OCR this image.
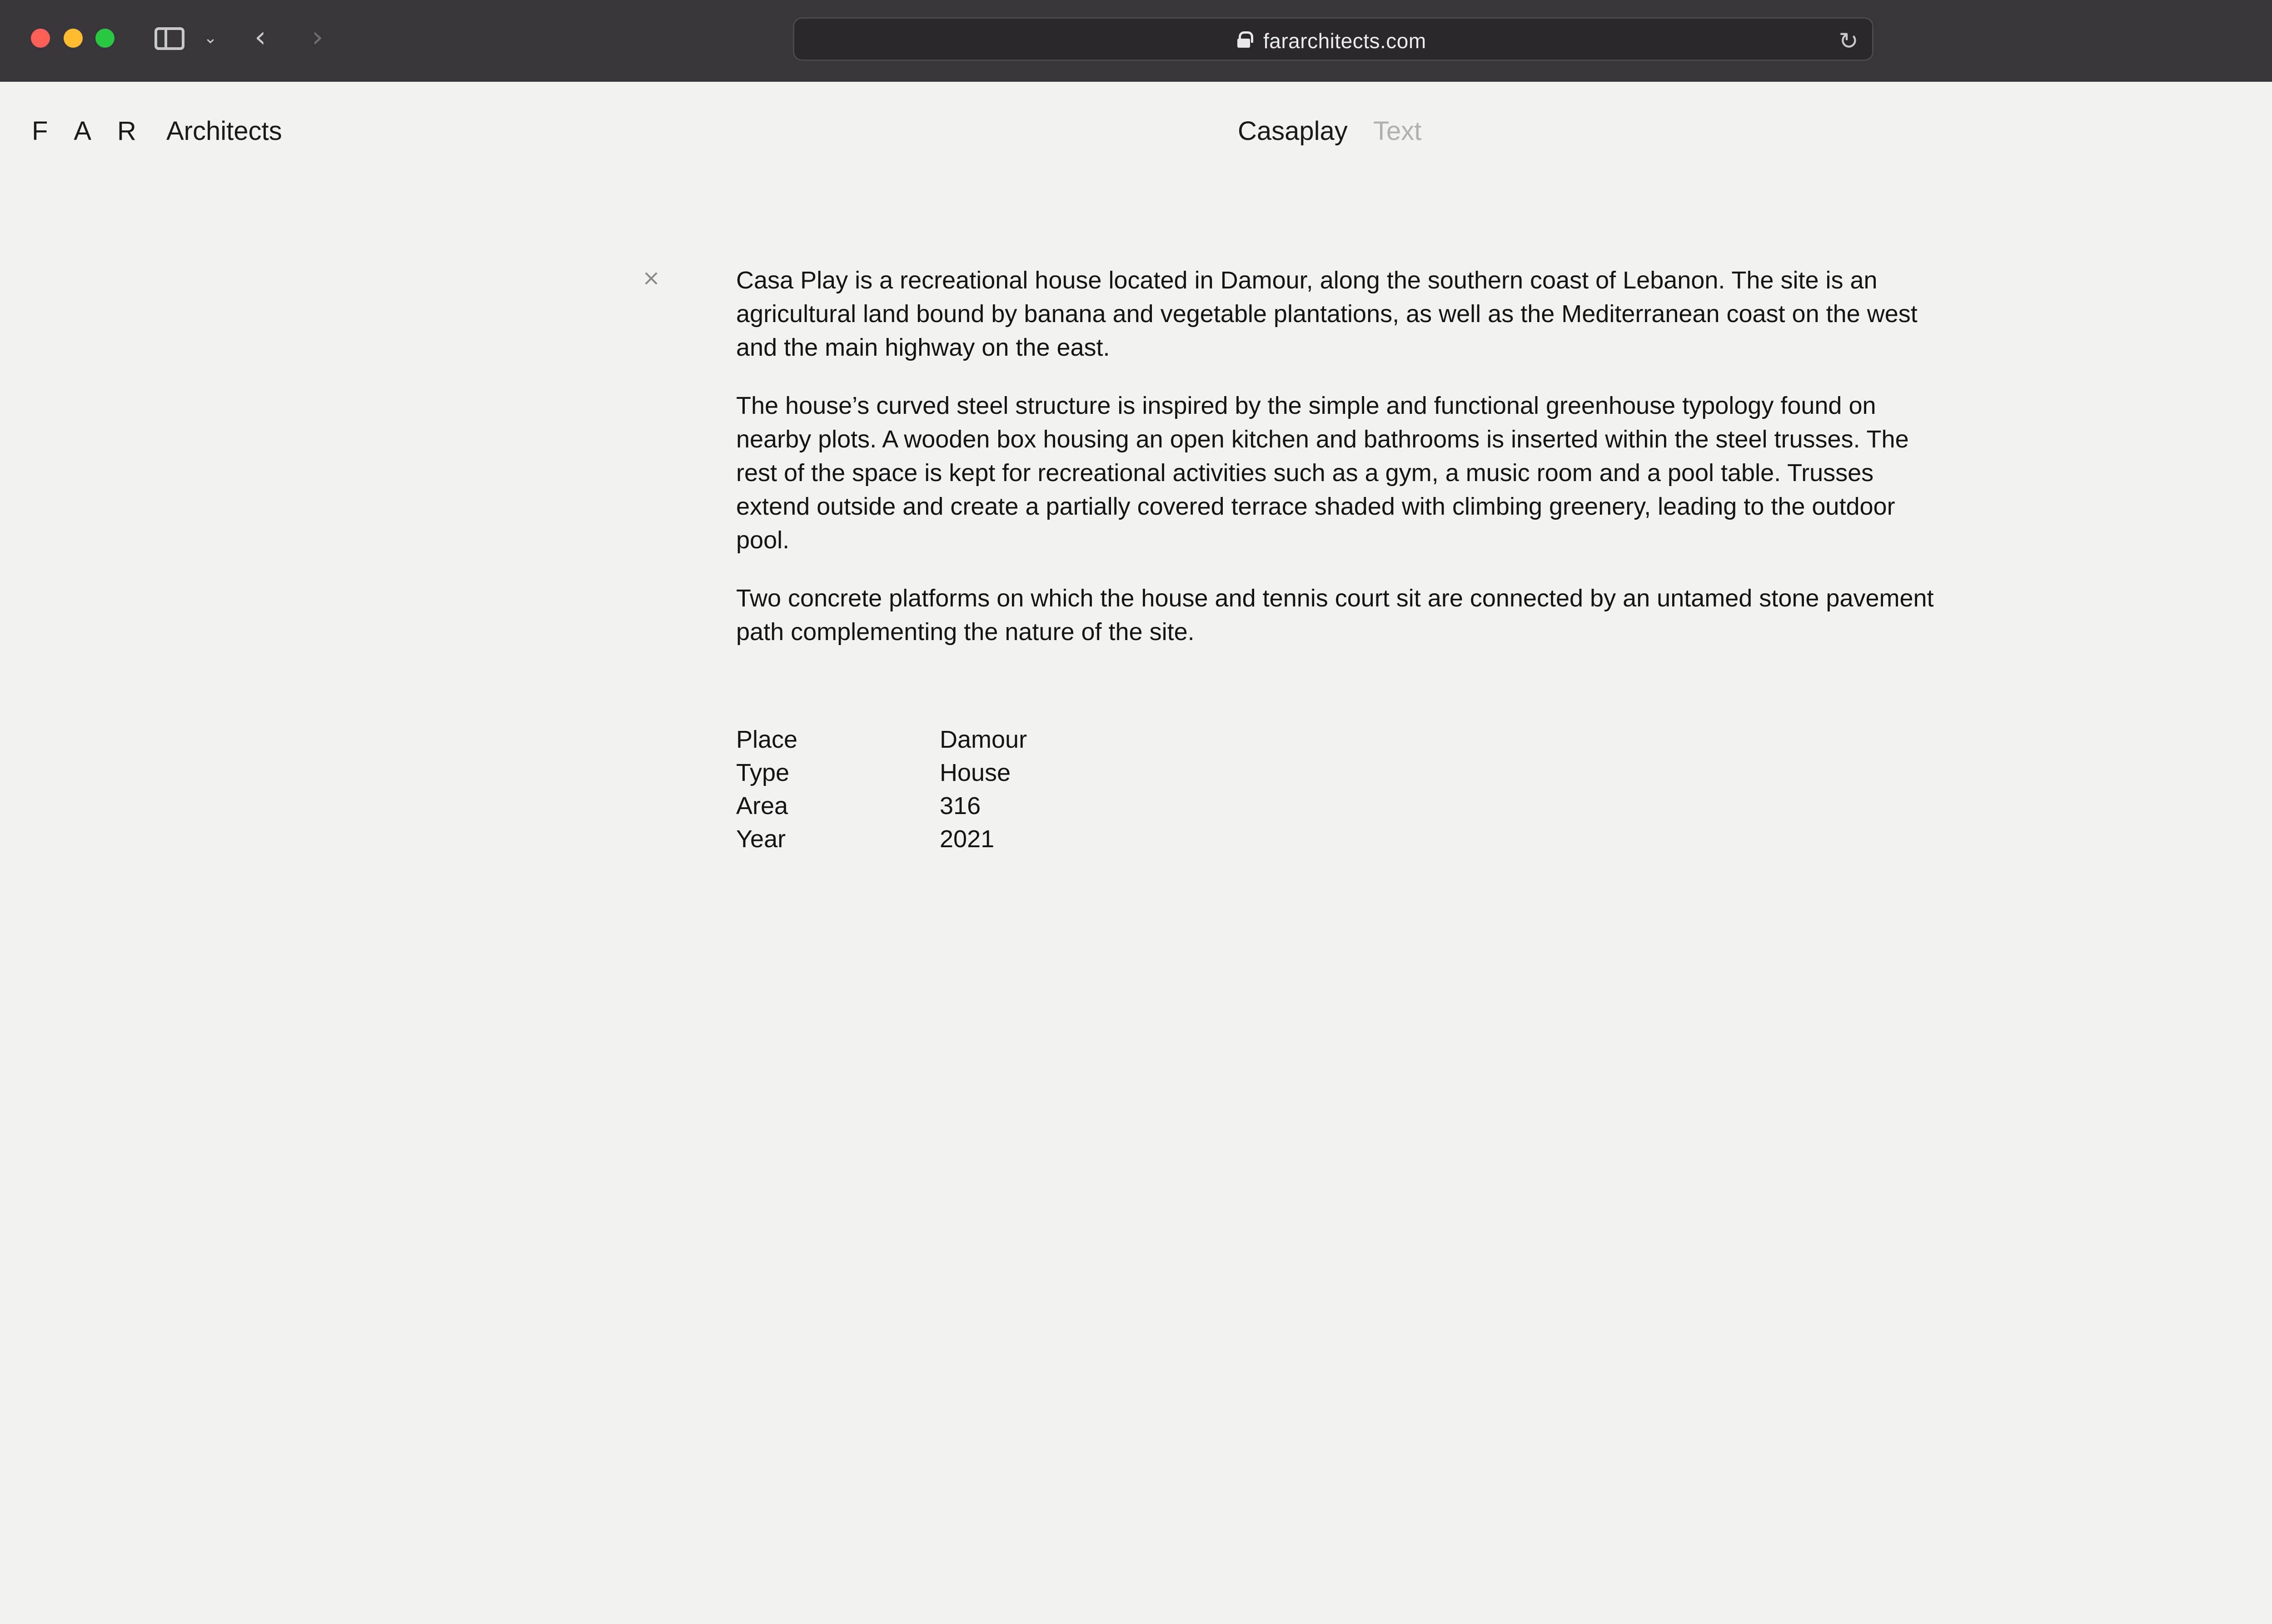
⌄ ‹ ›	fararchitects.com	↻
F A R Architects	Casaplay Text
×	Casa Play is a recreational house located in Damour, along the southern coast of Lebanon. The site is an agricultural land bound by banana and vegetable plantations, as well as the Mediterranean coast on the west and the main highway on the east.

The house’s curved steel structure is inspired by the simple and functional greenhouse typology found on nearby plots. A wooden box housing an open kitchen and bathrooms is inserted within the steel trusses. The rest of the space is kept for recreational activities such as a gym, a music room and a pool table. Trusses extend outside and create a partially covered terrace shaded with climbing greenery, leading to the outdoor pool.

Two concrete platforms on which the house and tennis court sit are connected by an untamed stone pavement path complementing the nature of the site.

Place	Damour
Type	House
Area	316
Year	2021
